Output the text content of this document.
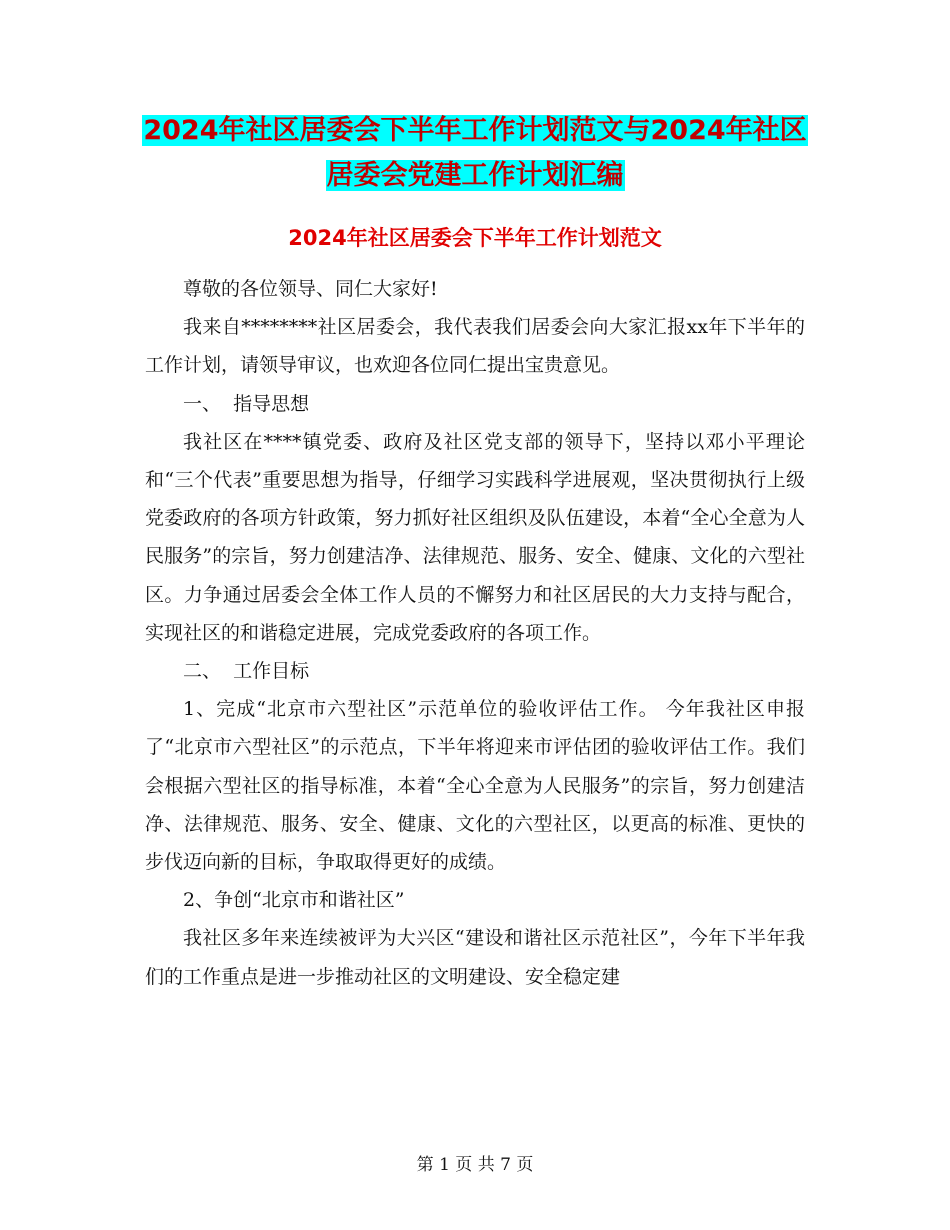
2024年社区居委会下半年工作计划范文与2024年社区
居委会党建工作计划汇编
2024年社区居委会下半年工作计划范文

尊敬的各位领导、同仁大家好!

我来自********社区居委会，我代表我们居委会向大家汇报xx年下半年的工作计划，请领导审议，也欢迎各位同仁提出宝贵意见。

一、  指导思想

我社区在****镇党委、政府及社区党支部的领导下，坚持以邓小平理论和“三个代表”重要思想为指导，仔细学习实践科学进展观，坚决贯彻执行上级党委政府的各项方针政策，努力抓好社区组织及队伍建设，本着“全心全意为人民服务”的宗旨，努力创建洁净、法律规范、服务、安全、健康、文化的六型社区。力争通过居委会全体工作人员的不懈努力和社区居民的大力支持与配合，实现社区的和谐稳定进展，完成党委政府的各项工作。

二、  工作目标

1、完成“北京市六型社区”示范单位的验收评估工作。 今年我社区申报了“北京市六型社区”的示范点，下半年将迎来市评估团的验收评估工作。我们会根据六型社区的指导标准，本着“全心全意为人民服务”的宗旨，努力创建洁净、法律规范、服务、安全、健康、文化的六型社区，以更高的标准、更快的步伐迈向新的目标，争取取得更好的成绩。

2、争创“北京市和谐社区”

我社区多年来连续被评为大兴区“建设和谐社区示范社区”，今年下半年我们的工作重点是进一步推动社区的文明建设、安全稳定建

第 1 页 共 7 页
